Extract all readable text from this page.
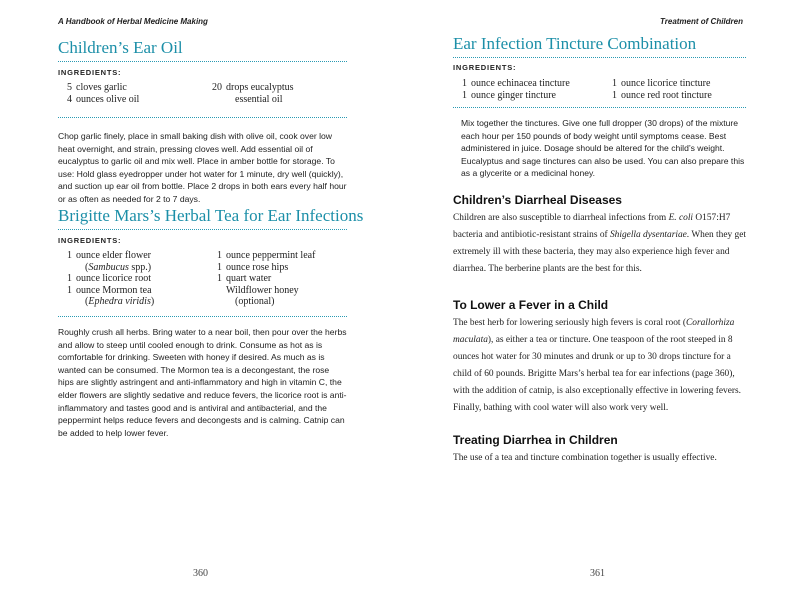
A Handbook of Herbal Medicine Making
Children’s Ear Oil
INGREDIENTS:
5 cloves garlic
4 ounces olive oil
20 drops eucalyptus
essential oil

Chop garlic finely, place in small baking dish with olive oil, cook over low heat overnight, and strain, pressing cloves well. Add essential oil of eucalyptus to garlic oil and mix well. Place in amber bottle for storage. To use: Hold glass eyedropper under hot water for 1 minute, dry well (quickly), and suction up ear oil from bottle. Place 2 drops in both ears every half hour or as often as needed for 2 to 7 days.

Brigitte Mars’s Herbal Tea for Ear Infections
INGREDIENTS:
1 ounce elder flower
(Sambucus spp.)
1 ounce licorice root
1 ounce Mormon tea
(Ephedra viridis)
1 ounce peppermint leaf
1 ounce rose hips
1 quart water
Wildflower honey
(optional)

Roughly crush all herbs. Bring water to a near boil, then pour over the herbs and allow to steep until cooled enough to drink. Consume as hot as is comfortable for drinking. Sweeten with honey if desired. As much as is wanted can be consumed. The Mormon tea is a decongestant, the rose hips are slightly astringent and anti-inflammatory and high in vitamin C, the elder flowers are slightly sedative and reduce fevers, the licorice root is anti-inflammatory and tastes good and is antiviral and antibacterial, and the peppermint helps reduce fevers and decongests and is calming. Catnip can be added to help lower fever.

360
Treatment of Children
Ear Infection Tincture Combination
INGREDIENTS:
1 ounce echinacea tincture
1 ounce ginger tincture
1 ounce licorice tincture
1 ounce red root tincture

Mix together the tinctures. Give one full dropper (30 drops) of the mixture each hour per 150 pounds of body weight until symptoms cease. Best administered in juice. Dosage should be altered for the child’s weight. Eucalyptus and sage tinctures can also be used. You can also prepare this as a glycerite or a medicinal honey.

Children’s Diarrheal Diseases

Children are also susceptible to diarrheal infections from E. coli O157:H7 bacteria and antibiotic-resistant strains of Shigella dysentariae. When they get extremely ill with these bacteria, they may also experience high fever and diarrhea. The berberine plants are the best for this.

To Lower a Fever in a Child

The best herb for lowering seriously high fevers is coral root (Corallorhiza maculata), as either a tea or tincture. One teaspoon of the root steeped in 8 ounces hot water for 30 minutes and drunk or up to 30 drops tincture for a child of 60 pounds. Brigitte Mars’s herbal tea for ear infections (page 360), with the addition of catnip, is also exceptionally effective in lowering fevers. Finally, bathing with cool water will also work very well.

Treating Diarrhea in Children

The use of a tea and tincture combination together is usually effective.

361
